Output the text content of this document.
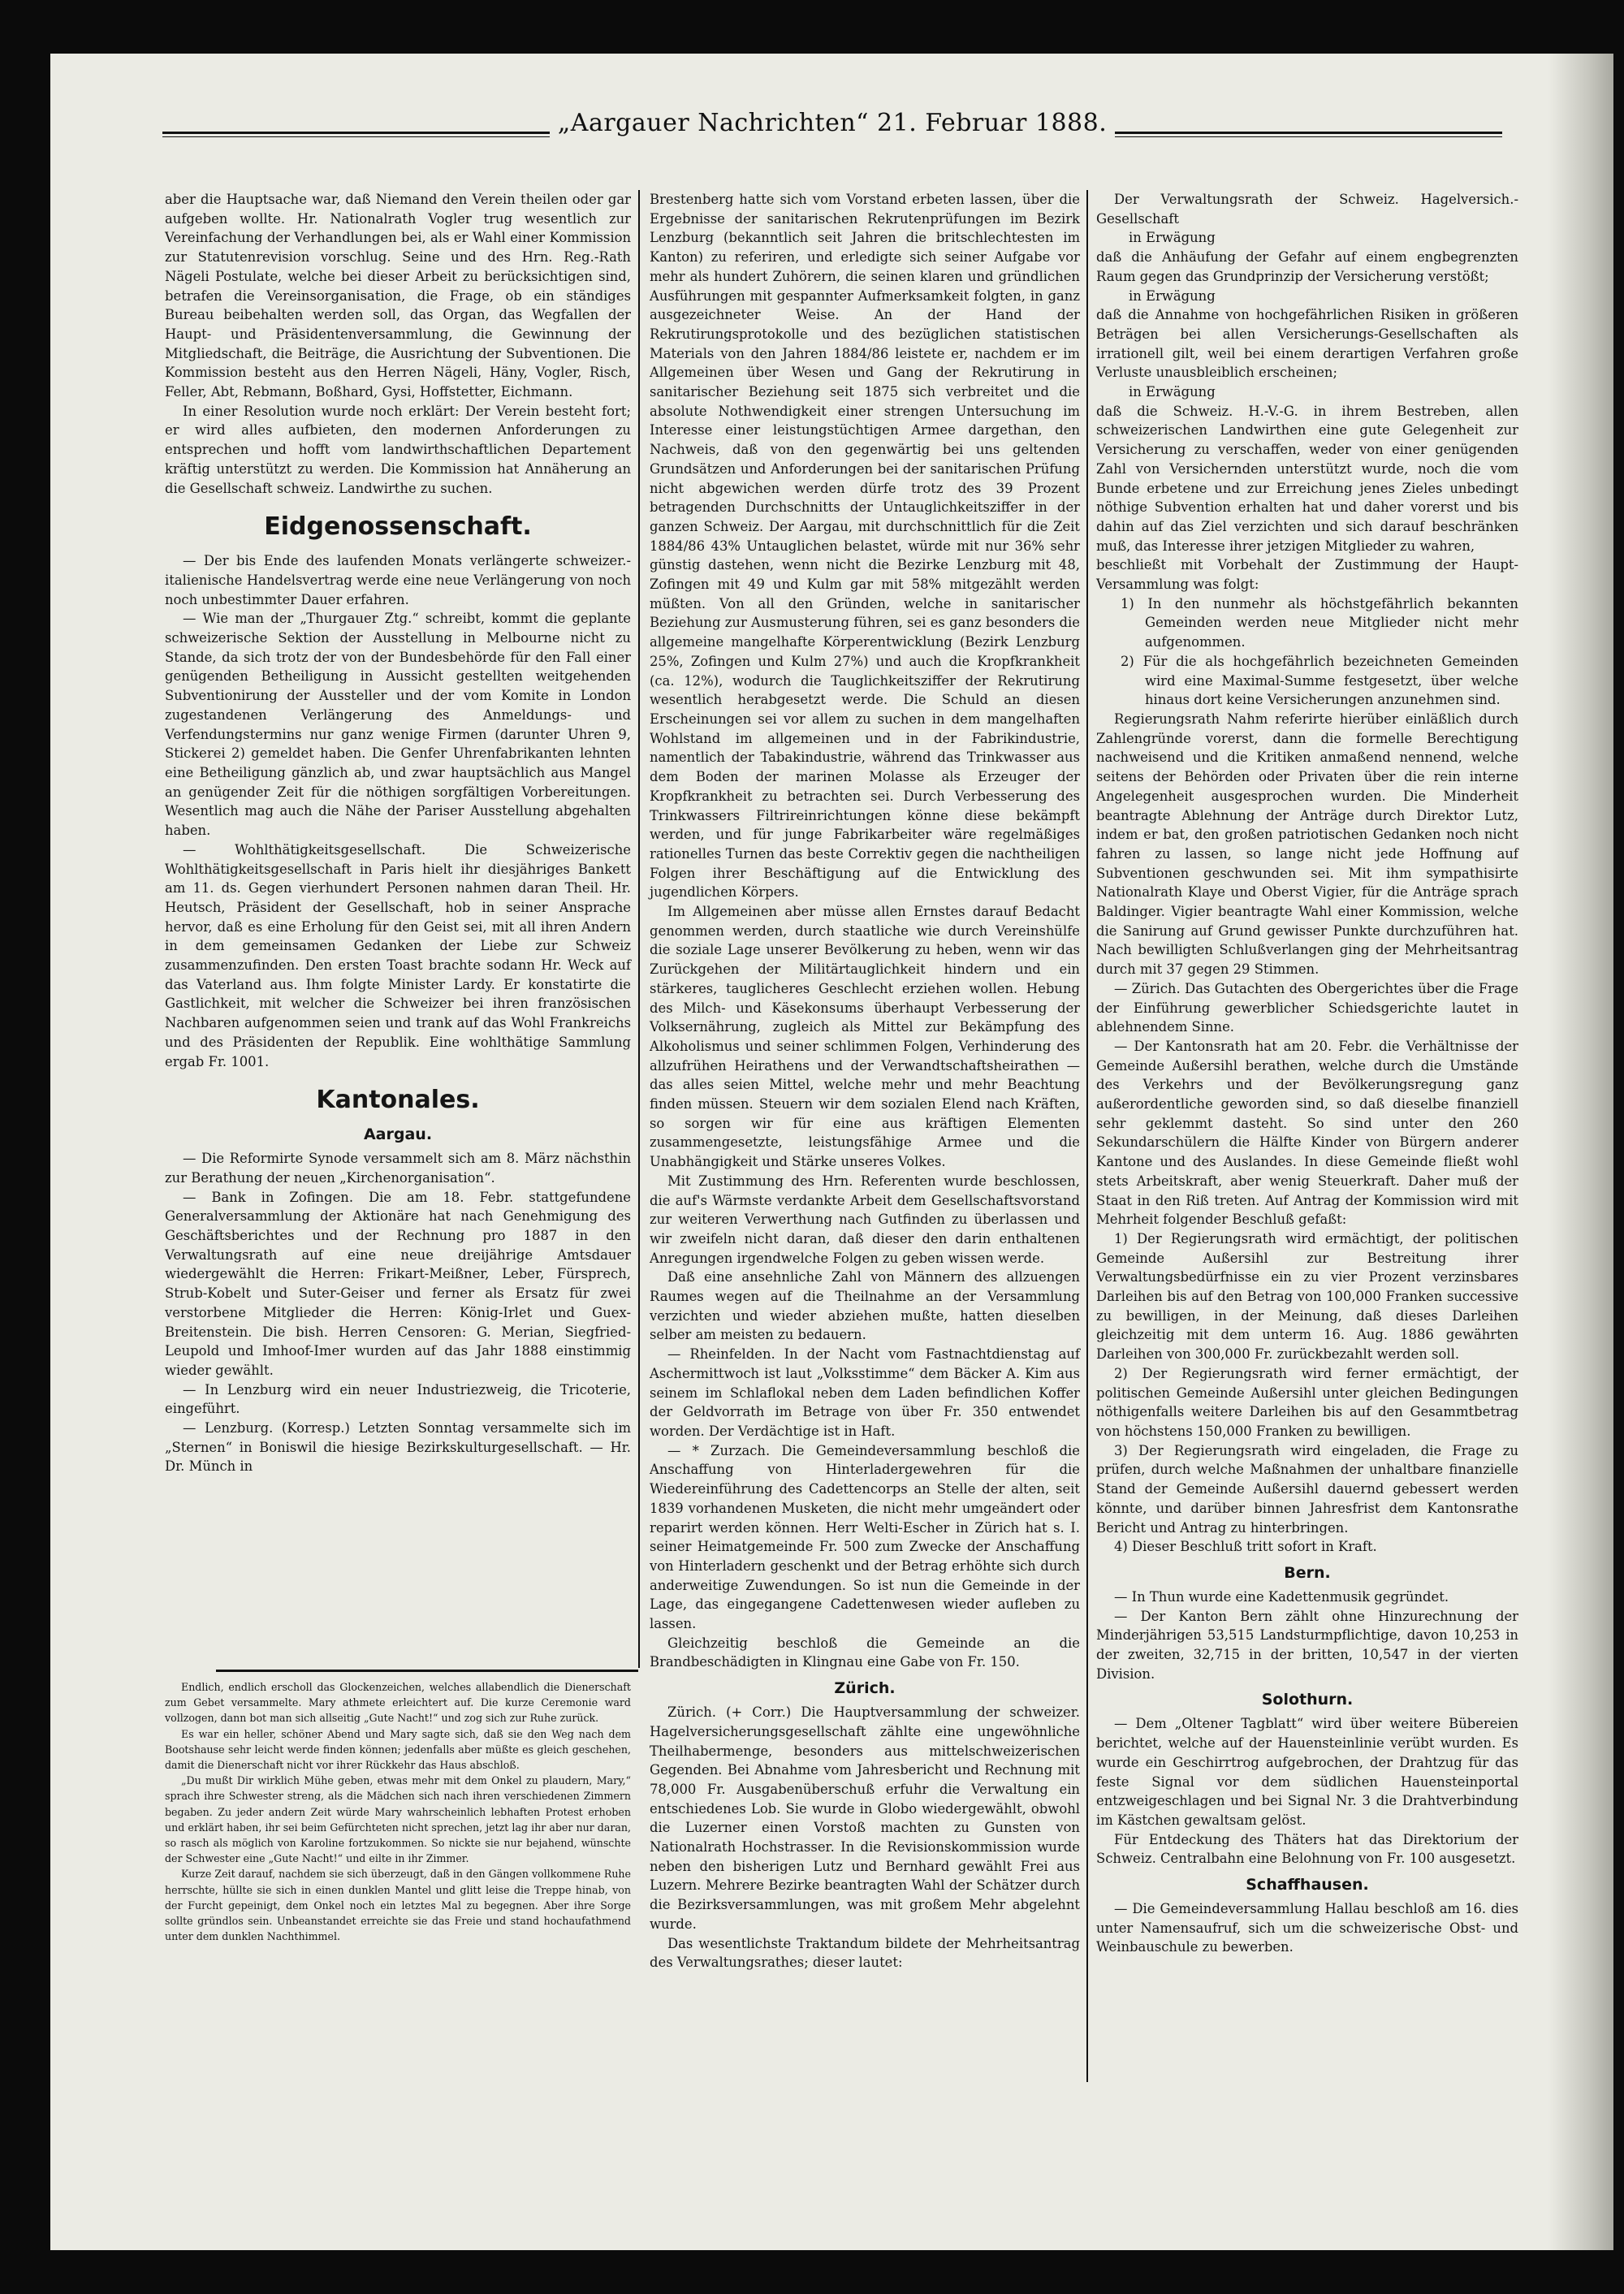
„Aargauer Nachrichten“ 21. Februar 1888.

aber die Hauptsache war, daß Niemand den Verein theilen oder gar aufgeben wollte. Hr. Nationalrath Vogler trug wesentlich zur Vereinfachung der Verhandlungen bei, als er Wahl einer Kommission zur Statutenrevision vorschlug. Seine und des Hrn. Reg.-Rath Nägeli Postulate, welche bei dieser Arbeit zu berücksichtigen sind, betrafen die Vereinsorganisation, die Frage, ob ein ständiges Bureau beibehalten werden soll, das Organ, das Wegfallen der Haupt- und Präsidentenversammlung, die Gewinnung der Mitgliedschaft, die Beiträge, die Ausrichtung der Subventionen. Die Kommission besteht aus den Herren Nägeli, Häny, Vogler, Risch, Feller, Abt, Rebmann, Boßhard, Gysi, Hoffstetter, Eichmann.

In einer Resolution wurde noch erklärt: Der Verein besteht fort; er wird alles aufbieten, den modernen Anforderungen zu entsprechen und hofft vom landwirthschaftlichen Departement kräftig unterstützt zu werden. Die Kommission hat Annäherung an die Gesellschaft schweiz. Landwirthe zu suchen.

Eidgenossenschaft.

— Der bis Ende des laufenden Monats verlängerte schweizer.-italienische Handelsvertrag werde eine neue Verlängerung von noch noch unbestimmter Dauer erfahren.

— Wie man der „Thurgauer Ztg.“ schreibt, kommt die geplante schweizerische Sektion der Ausstellung in Melbourne nicht zu Stande, da sich trotz der von der Bundesbehörde für den Fall einer genügenden Betheiligung in Aussicht gestellten weitgehenden Subventionirung der Aussteller und der vom Komite in London zugestandenen Verlängerung des Anmeldungs- und Verfendungstermins nur ganz wenige Firmen (darunter Uhren 9, Stickerei 2) gemeldet haben. Die Genfer Uhrenfabrikanten lehnten eine Betheiligung gänzlich ab, und zwar hauptsächlich aus Mangel an genügender Zeit für die nöthigen sorgfältigen Vorbereitungen. Wesentlich mag auch die Nähe der Pariser Ausstellung abgehalten haben.

— Wohlthätigkeitsgesellschaft. Die Schweizerische Wohlthätigkeitsgesellschaft in Paris hielt ihr diesjähriges Bankett am 11. ds. Gegen vierhundert Personen nahmen daran Theil. Hr. Heutsch, Präsident der Gesellschaft, hob in seiner Ansprache hervor, daß es eine Erholung für den Geist sei, mit all ihren Andern in dem gemeinsamen Gedanken der Liebe zur Schweiz zusammenzufinden. Den ersten Toast brachte sodann Hr. Weck auf das Vaterland aus. Ihm folgte Minister Lardy. Er konstatirte die Gastlichkeit, mit welcher die Schweizer bei ihren französischen Nachbaren aufgenommen seien und trank auf das Wohl Frankreichs und des Präsidenten der Republik. Eine wohlthätige Sammlung ergab Fr. 1001.

Kantonales.
Aargau.

— Die Reformirte Synode versammelt sich am 8. März nächsthin zur Berathung der neuen „Kirchenorganisation“.

— Bank in Zofingen. Die am 18. Febr. stattgefundene Generalversammlung der Aktionäre hat nach Genehmigung des Geschäftsberichtes und der Rechnung pro 1887 in den Verwaltungsrath auf eine neue dreijährige Amtsdauer wiedergewählt die Herren: Frikart-Meißner, Leber, Fürsprech, Strub-Kobelt und Suter-Geiser und ferner als Ersatz für zwei verstorbene Mitglieder die Herren: König-Irlet und Guex-Breitenstein. Die bish. Herren Censoren: G. Merian, Siegfried-Leupold und Imhoof-Imer wurden auf das Jahr 1888 einstimmig wieder gewählt.

— In Lenzburg wird ein neuer Industriezweig, die Tricoterie, eingeführt.

— Lenzburg. (Korresp.) Letzten Sonntag versammelte sich im „Sternen“ in Boniswil die hiesige Bezirkskulturgesellschaft. — Hr. Dr. Münch in

Endlich, endlich erscholl das Glockenzeichen, welches allabendlich die Dienerschaft zum Gebet versammelte. Mary athmete erleichtert auf. Die kurze Ceremonie ward vollzogen, dann bot man sich allseitig „Gute Nacht!“ und zog sich zur Ruhe zurück.

Es war ein heller, schöner Abend und Mary sagte sich, daß sie den Weg nach dem Bootshause sehr leicht werde finden können; jedenfalls aber müßte es gleich geschehen, damit die Dienerschaft nicht vor ihrer Rückkehr das Haus abschloß.

„Du mußt Dir wirklich Mühe geben, etwas mehr mit dem Onkel zu plaudern, Mary,“ sprach ihre Schwester streng, als die Mädchen sich nach ihren verschiedenen Zimmern begaben. Zu jeder andern Zeit würde Mary wahrscheinlich lebhaften Protest erhoben und erklärt haben, ihr sei beim Gefürchteten nicht sprechen, jetzt lag ihr aber nur daran, so rasch als möglich von Karoline fortzukommen. So nickte sie nur bejahend, wünschte der Schwester eine „Gute Nacht!“ und eilte in ihr Zimmer.

Kurze Zeit darauf, nachdem sie sich überzeugt, daß in den Gängen vollkommene Ruhe herrschte, hüllte sie sich in einen dunklen Mantel und glitt leise die Treppe hinab, von der Furcht gepeinigt, dem Onkel noch ein letztes Mal zu begegnen. Aber ihre Sorge sollte gründlos sein. Unbeanstandet erreichte sie das Freie und stand hochaufathmend unter dem dunklen Nachthimmel.

Brestenberg hatte sich vom Vorstand erbeten lassen, über die Ergebnisse der sanitarischen Rekrutenprüfungen im Bezirk Lenzburg (bekanntlich seit Jahren die britschlechtesten im Kanton) zu referiren, und erledigte sich seiner Aufgabe vor mehr als hundert Zuhörern, die seinen klaren und gründlichen Ausführungen mit gespannter Aufmerksamkeit folgten, in ganz ausgezeichneter Weise. An der Hand der Rekrutirungsprotokolle und des bezüglichen statistischen Materials von den Jahren 1884/86 leistete er, nachdem er im Allgemeinen über Wesen und Gang der Rekrutirung in sanitarischer Beziehung seit 1875 sich verbreitet und die absolute Nothwendigkeit einer strengen Untersuchung im Interesse einer leistungstüchtigen Armee dargethan, den Nachweis, daß von den gegenwärtig bei uns geltenden Grundsätzen und Anforderungen bei der sanitarischen Prüfung nicht abgewichen werden dürfe trotz des 39 Prozent betragenden Durchschnitts der Untauglichkeitsziffer in der ganzen Schweiz. Der Aargau, mit durchschnittlich für die Zeit 1884/86 43% Untauglichen belastet, würde mit nur 36% sehr günstig dastehen, wenn nicht die Bezirke Lenzburg mit 48, Zofingen mit 49 und Kulm gar mit 58% mitgezählt werden müßten. Von all den Gründen, welche in sanitarischer Beziehung zur Ausmusterung führen, sei es ganz besonders die allgemeine mangelhafte Körperentwicklung (Bezirk Lenzburg 25%, Zofingen und Kulm 27%) und auch die Kropfkrankheit (ca. 12%), wodurch die Tauglichkeitsziffer der Rekrutirung wesentlich herabgesetzt werde. Die Schuld an diesen Erscheinungen sei vor allem zu suchen in dem mangelhaften Wohlstand im allgemeinen und in der Fabrikindustrie, namentlich der Tabakindustrie, während das Trinkwasser aus dem Boden der marinen Molasse als Erzeuger der Kropfkrankheit zu betrachten sei. Durch Verbesserung des Trinkwassers Filtrireinrichtungen könne diese bekämpft werden, und für junge Fabrikarbeiter wäre regelmäßiges rationelles Turnen das beste Correktiv gegen die nachtheiligen Folgen ihrer Beschäftigung auf die Entwicklung des jugendlichen Körpers.

Im Allgemeinen aber müsse allen Ernstes darauf Bedacht genommen werden, durch staatliche wie durch Vereinshülfe die soziale Lage unserer Bevölkerung zu heben, wenn wir das Zurückgehen der Militärtauglichkeit hindern und ein stärkeres, tauglicheres Geschlecht erziehen wollen. Hebung des Milch- und Käsekonsums überhaupt Verbesserung der Volksernährung, zugleich als Mittel zur Bekämpfung des Alkoholismus und seiner schlimmen Folgen, Verhinderung des allzufrühen Heirathens und der Verwandtschaftsheirathen — das alles seien Mittel, welche mehr und mehr Beachtung finden müssen. Steuern wir dem sozialen Elend nach Kräften, so sorgen wir für eine aus kräftigen Elementen zusammengesetzte, leistungsfähige Armee und die Unabhängigkeit und Stärke unseres Volkes.

Mit Zustimmung des Hrn. Referenten wurde beschlossen, die auf's Wärmste verdankte Arbeit dem Gesellschaftsvorstand zur weiteren Verwerthung nach Gutfinden zu überlassen und wir zweifeln nicht daran, daß dieser den darin enthaltenen Anregungen irgendwelche Folgen zu geben wissen werde.

Daß eine ansehnliche Zahl von Männern des allzuengen Raumes wegen auf die Theilnahme an der Versammlung verzichten und wieder abziehen mußte, hatten dieselben selber am meisten zu bedauern.

— Rheinfelden. In der Nacht vom Fastnachtdienstag auf Aschermittwoch ist laut „Volksstimme“ dem Bäcker A. Kim aus seinem im Schlaflokal neben dem Laden befindlichen Koffer der Geldvorrath im Betrage von über Fr. 350 entwendet worden. Der Verdächtige ist in Haft.

— * Zurzach. Die Gemeindeversammlung beschloß die Anschaffung von Hinterladergewehren für die Wiedereinführung des Cadettencorps an Stelle der alten, seit 1839 vorhandenen Musketen, die nicht mehr umgeändert oder reparirt werden können. Herr Welti-Escher in Zürich hat s. I. seiner Heimatgemeinde Fr. 500 zum Zwecke der Anschaffung von Hinterladern geschenkt und der Betrag erhöhte sich durch anderweitige Zuwendungen. So ist nun die Gemeinde in der Lage, das eingegangene Cadettenwesen wieder aufleben zu lassen.

Gleichzeitig beschloß die Gemeinde an die Brandbeschädigten in Klingnau eine Gabe von Fr. 150.

Zürich.

Zürich. (+ Corr.) Die Hauptversammlung der schweizer. Hagelversicherungsgesellschaft zählte eine ungewöhnliche Theilhabermenge, besonders aus mittelschweizerischen Gegenden. Bei Abnahme vom Jahresbericht und Rechnung mit 78,000 Fr. Ausgabenüberschuß erfuhr die Verwaltung ein entschiedenes Lob. Sie wurde in Globo wiedergewählt, obwohl die Luzerner einen Vorstoß machten zu Gunsten von Nationalrath Hochstrasser. In die Revisionskommission wurde neben den bisherigen Lutz und Bernhard gewählt Frei aus Luzern. Mehrere Bezirke beantragten Wahl der Schätzer durch die Bezirksversammlungen, was mit großem Mehr abgelehnt wurde.

Das wesentlichste Traktandum bildete der Mehrheitsantrag des Verwaltungsrathes; dieser lautet:

Der Verwaltungsrath der Schweiz. Hagelversich.-Gesellschaft

in Erwägung

daß die Anhäufung der Gefahr auf einem engbegrenzten Raum gegen das Grundprinzip der Versicherung verstößt;

in Erwägung

daß die Annahme von hochgefährlichen Risiken in größeren Beträgen bei allen Versicherungs-Gesellschaften als irrationell gilt, weil bei einem derartigen Verfahren große Verluste unausbleiblich erscheinen;

in Erwägung

daß die Schweiz. H.-V.-G. in ihrem Bestreben, allen schweizerischen Landwirthen eine gute Gelegenheit zur Versicherung zu verschaffen, weder von einer genügenden Zahl von Versichernden unterstützt wurde, noch die vom Bunde erbetene und zur Erreichung jenes Zieles unbedingt nöthige Subvention erhalten hat und daher vorerst und bis dahin auf das Ziel verzichten und sich darauf beschränken muß, das Interesse ihrer jetzigen Mitglieder zu wahren,

beschließt mit Vorbehalt der Zustimmung der Haupt-Versammlung was folgt:

1) In den nunmehr als höchstgefährlich bekannten Gemeinden werden neue Mitglieder nicht mehr aufgenommen.

2) Für die als hochgefährlich bezeichneten Gemeinden wird eine Maximal-Summe festgesetzt, über welche hinaus dort keine Versicherungen anzunehmen sind.

Regierungsrath Nahm referirte hierüber einläßlich durch Zahlengründe vorerst, dann die formelle Berechtigung nachweisend und die Kritiken anmaßend nennend, welche seitens der Behörden oder Privaten über die rein interne Angelegenheit ausgesprochen wurden. Die Minderheit beantragte Ablehnung der Anträge durch Direktor Lutz, indem er bat, den großen patriotischen Gedanken noch nicht fahren zu lassen, so lange nicht jede Hoffnung auf Subventionen geschwunden sei. Mit ihm sympathisirte Nationalrath Klaye und Oberst Vigier, für die Anträge sprach Baldinger. Vigier beantragte Wahl einer Kommission, welche die Sanirung auf Grund gewisser Punkte durchzuführen hat. Nach bewilligten Schlußverlangen ging der Mehrheitsantrag durch mit 37 gegen 29 Stimmen.

— Zürich. Das Gutachten des Obergerichtes über die Frage der Einführung gewerblicher Schiedsgerichte lautet in ablehnendem Sinne.

— Der Kantonsrath hat am 20. Febr. die Verhältnisse der Gemeinde Außersihl berathen, welche durch die Umstände des Verkehrs und der Bevölkerungsregung ganz außerordentliche geworden sind, so daß dieselbe finanziell sehr geklemmt dasteht. So sind unter den 260 Sekundarschülern die Hälfte Kinder von Bürgern anderer Kantone und des Auslandes. In diese Gemeinde fließt wohl stets Arbeitskraft, aber wenig Steuerkraft. Daher muß der Staat in den Riß treten. Auf Antrag der Kommission wird mit Mehrheit folgender Beschluß gefaßt:

1) Der Regierungsrath wird ermächtigt, der politischen Gemeinde Außersihl zur Bestreitung ihrer Verwaltungsbedürfnisse ein zu vier Prozent verzinsbares Darleihen bis auf den Betrag von 100,000 Franken successive zu bewilligen, in der Meinung, daß dieses Darleihen gleichzeitig mit dem unterm 16. Aug. 1886 gewährten Darleihen von 300,000 Fr. zurückbezahlt werden soll.

2) Der Regierungsrath wird ferner ermächtigt, der politischen Gemeinde Außersihl unter gleichen Bedingungen nöthigenfalls weitere Darleihen bis auf den Gesammtbetrag von höchstens 150,000 Franken zu bewilligen.

3) Der Regierungsrath wird eingeladen, die Frage zu prüfen, durch welche Maßnahmen der unhaltbare finanzielle Stand der Gemeinde Außersihl dauernd gebessert werden könnte, und darüber binnen Jahresfrist dem Kantonsrathe Bericht und Antrag zu hinterbringen.

4) Dieser Beschluß tritt sofort in Kraft.

Bern.

— In Thun wurde eine Kadettenmusik gegründet.

— Der Kanton Bern zählt ohne Hinzurechnung der Minderjährigen 53,515 Landsturmpflichtige, davon 10,253 in der zweiten, 32,715 in der britten, 10,547 in der vierten Division.

Solothurn.

— Dem „Oltener Tagblatt“ wird über weitere Bübereien berichtet, welche auf der Hauensteinlinie verübt wurden. Es wurde ein Geschirrtrog aufgebrochen, der Drahtzug für das feste Signal vor dem südlichen Hauensteinportal entzweigeschlagen und bei Signal Nr. 3 die Drahtverbindung im Kästchen gewaltsam gelöst.

Für Entdeckung des Thäters hat das Direktorium der Schweiz. Centralbahn eine Belohnung von Fr. 100 ausgesetzt.

Schaffhausen.

— Die Gemeindeversammlung Hallau beschloß am 16. dies unter Namensaufruf, sich um die schweizerische Obst- und Weinbauschule zu bewerben.
